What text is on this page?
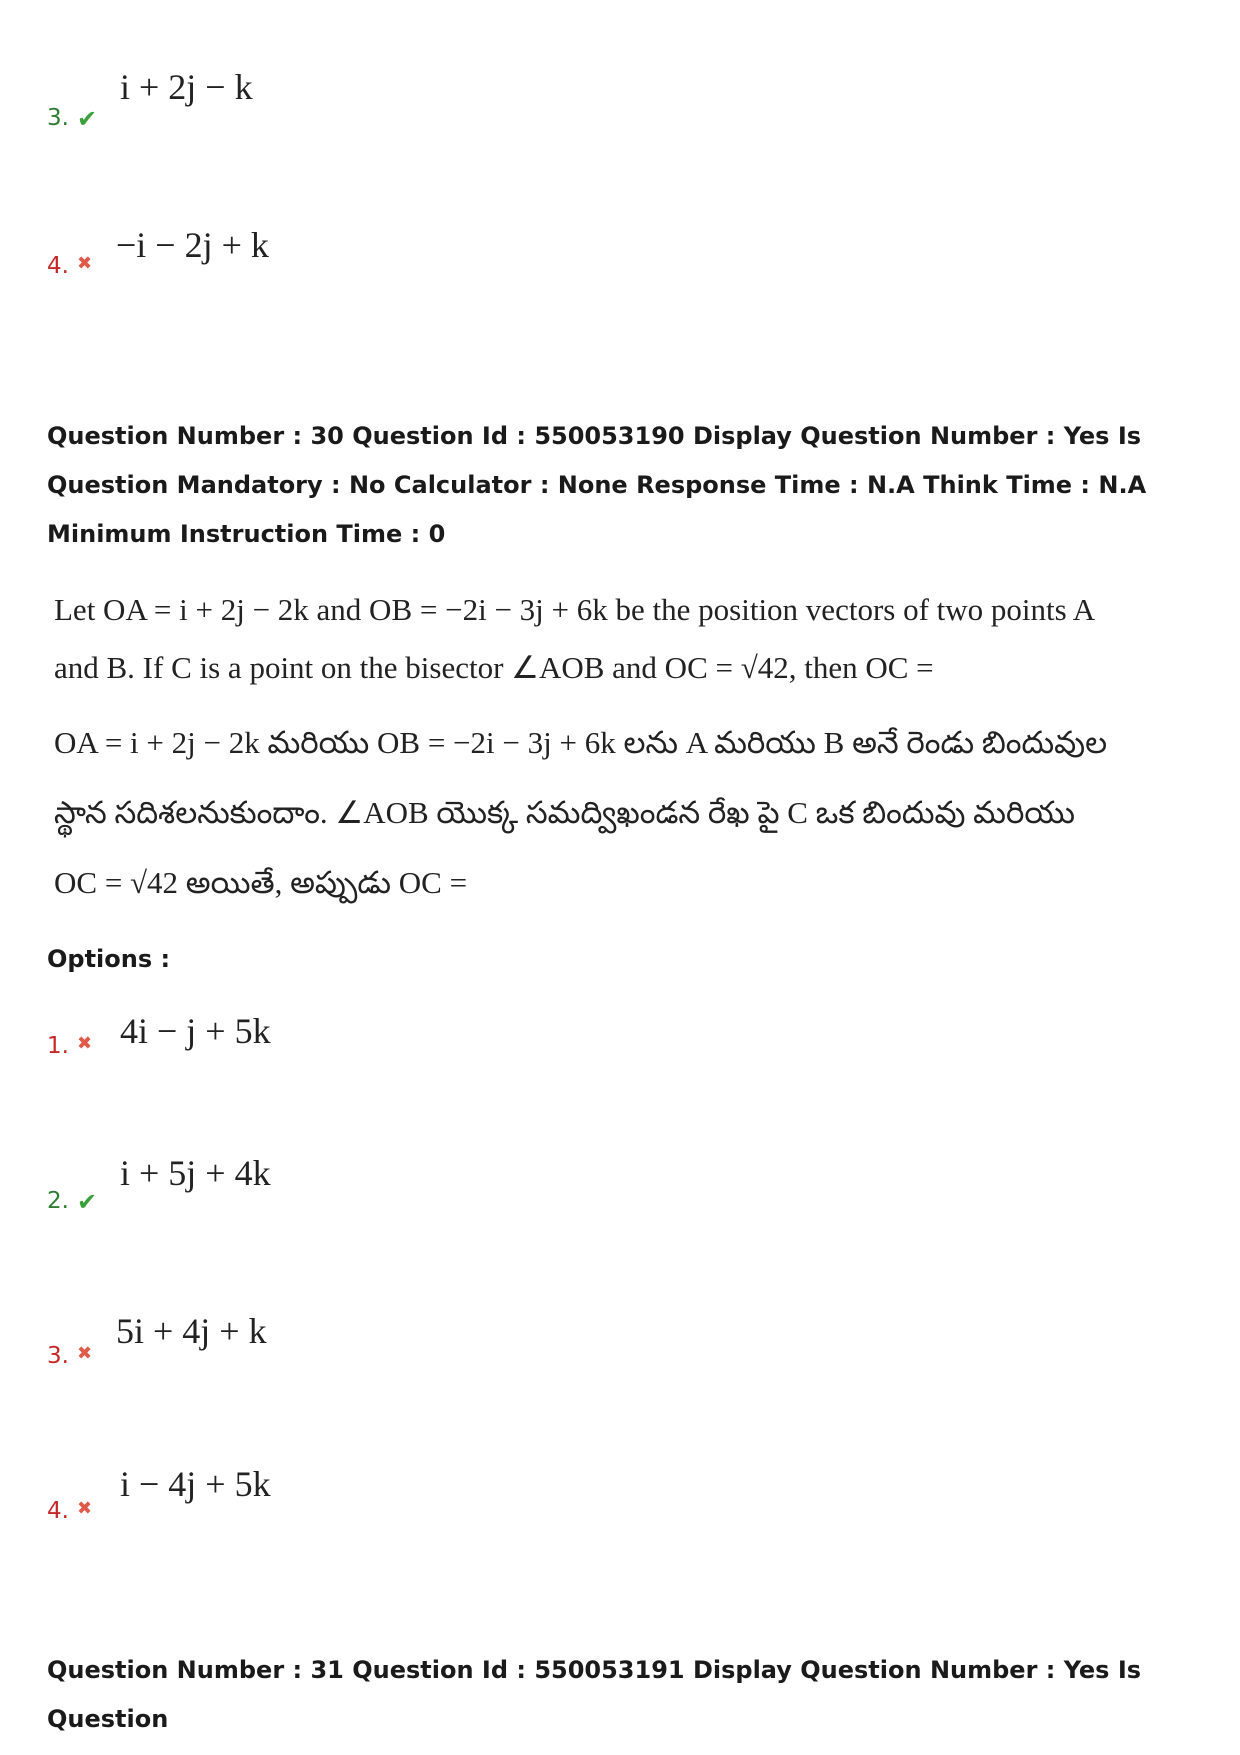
3. ✔
i + 2j − k
4. ✖ −i − 2j + k
Question Number : 30 Question Id : 550053190 Display Question Number : Yes Is Question Mandatory : No Calculator : None Response Time : N.A Think Time : N.A Minimum Instruction Time : 0
Let OA = i + 2j − 2k and OB = −2i − 3j + 6k be the position vectors of two points A
and B. If C is a point on the bisector ∠AOB and OC = √42, then OC =
OA = i + 2j − 2k మరియు OB = −2i − 3j + 6k లను A మరియు B అనే రెండు బిందువుల
స్థాన సదిశలనుకుందాం. ∠AOB యొక్క సమద్విఖండన రేఖ పై C ఒక బిందువు మరియు
OC = √42 అయితే, అప్పుడు OC =
Options :
1. ✖ 4i − j + 5k
2. ✔
i + 5j + 4k
3. ✖
5i + 4j + k
4. ✖
i − 4j + 5k
Question Number : 31 Question Id : 550053191 Display Question Number : Yes Is Question
